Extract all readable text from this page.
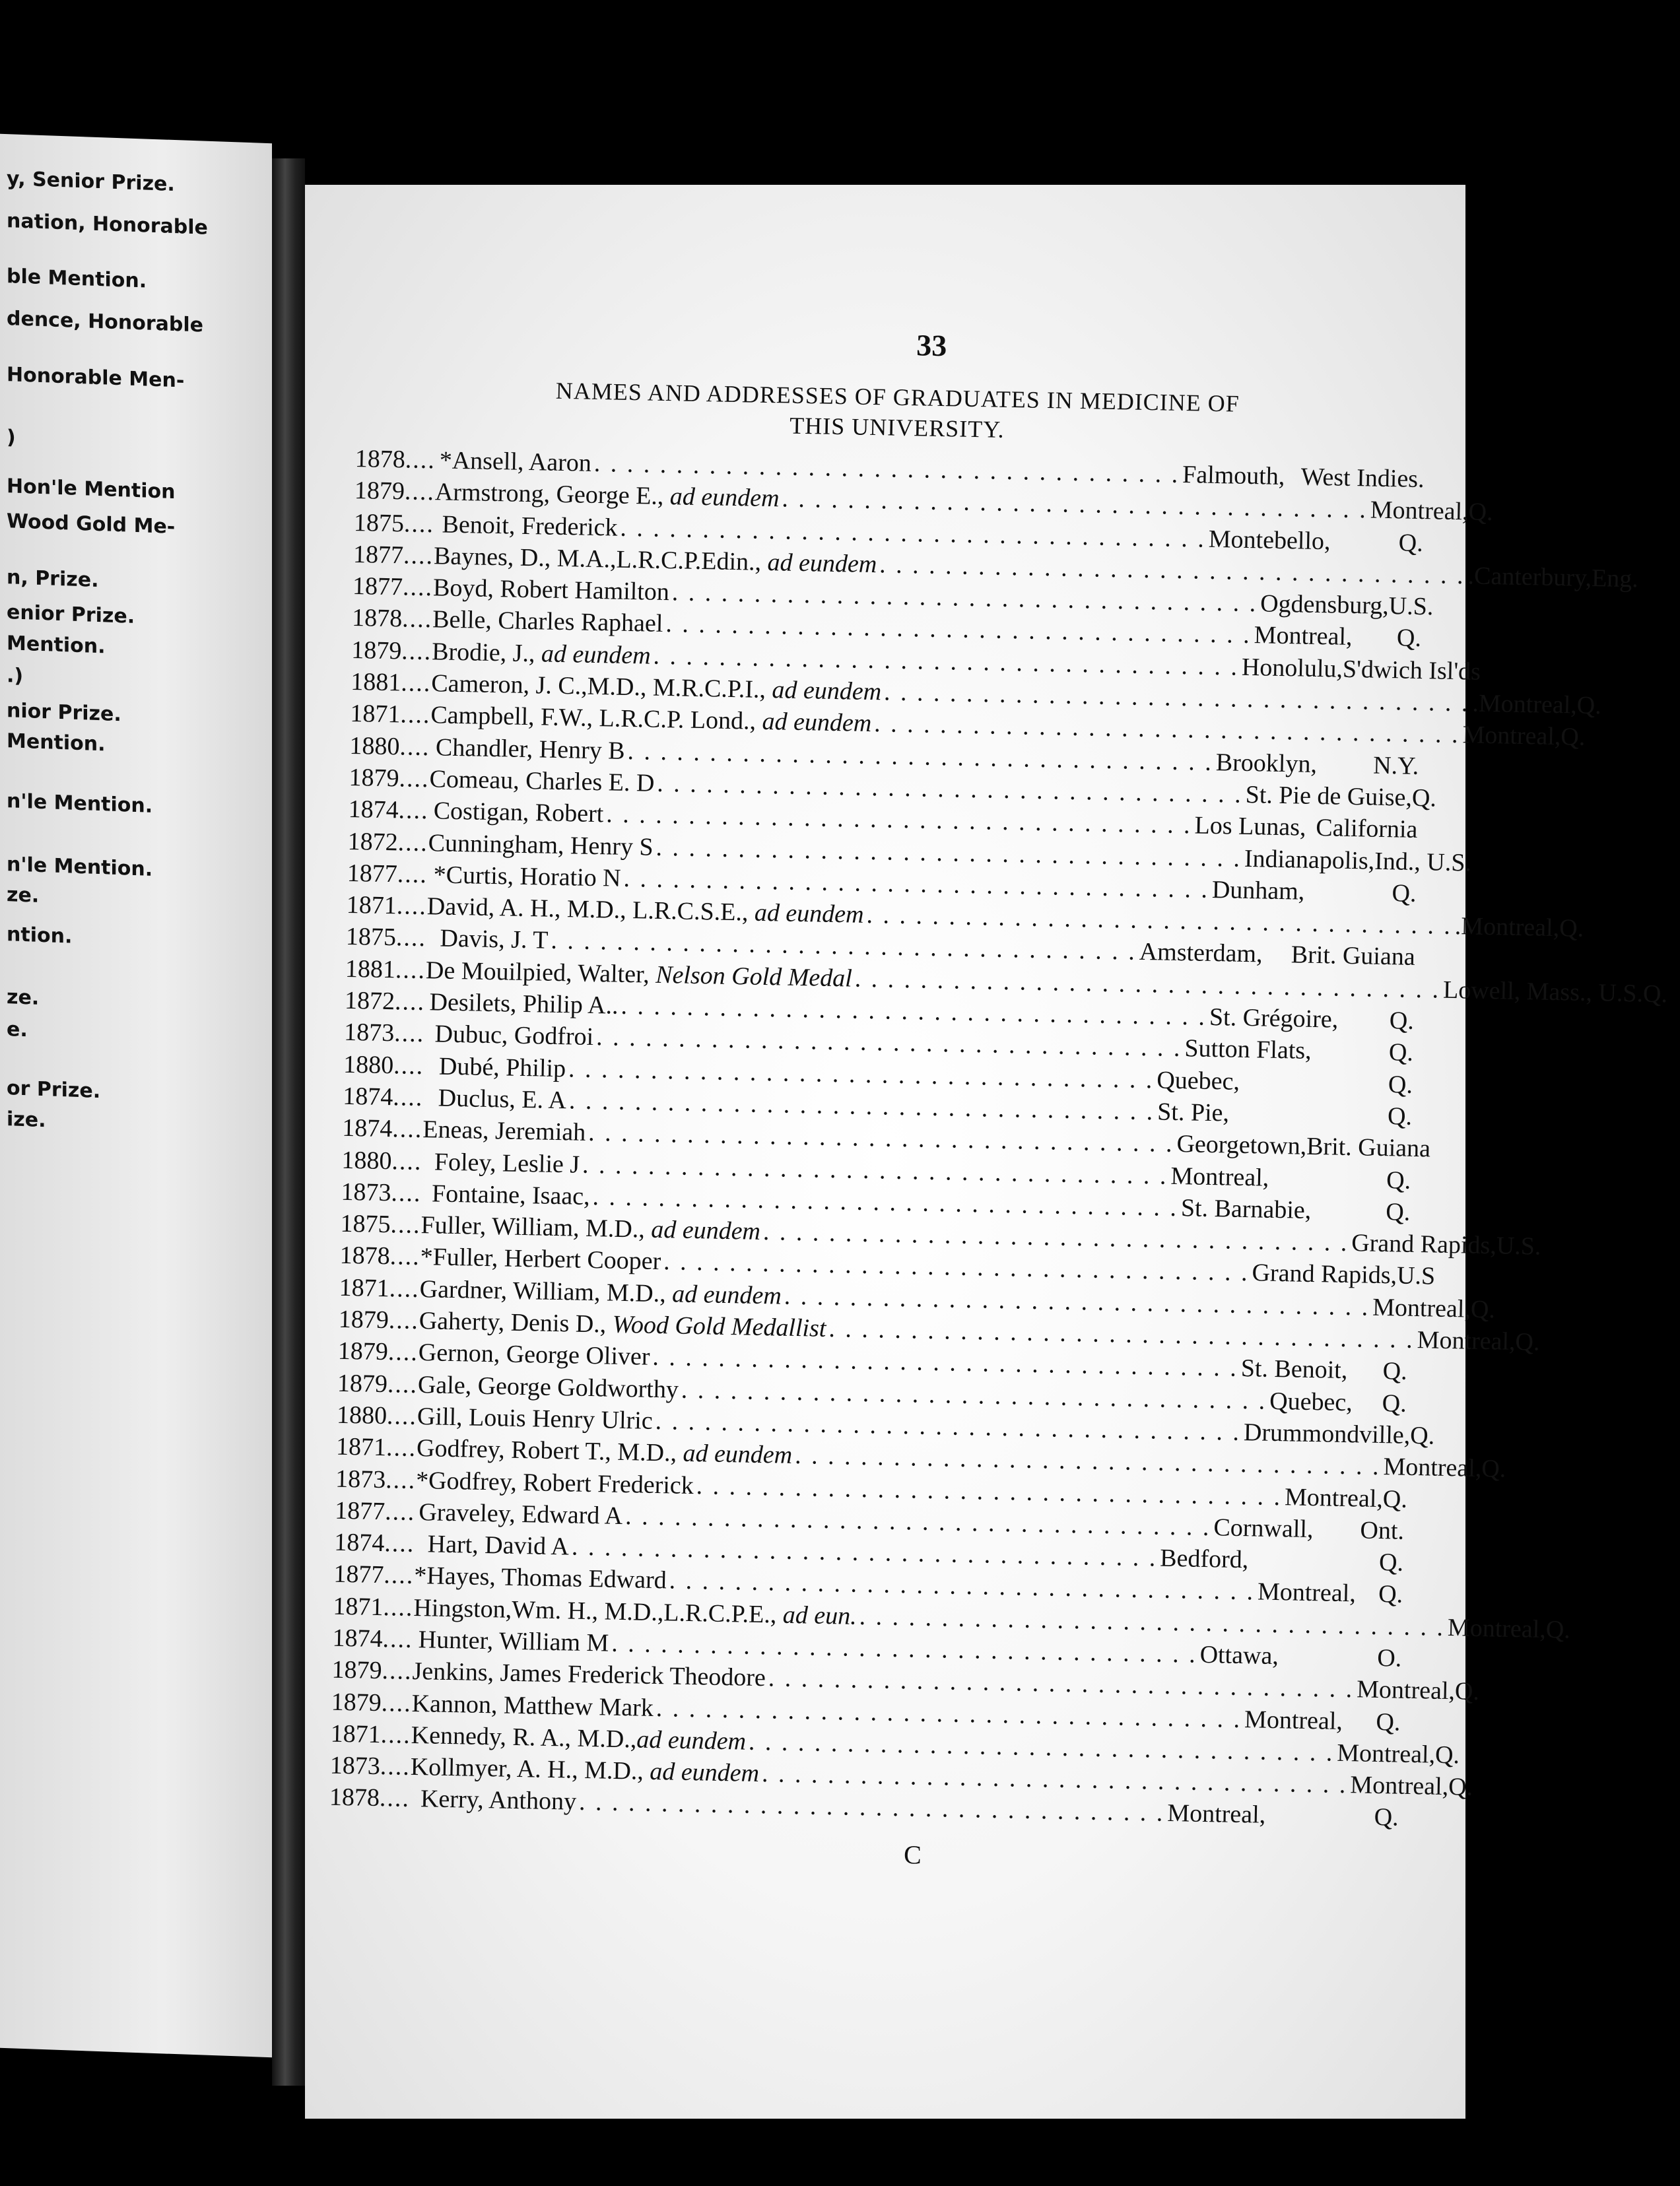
y, Senior Prize.
nation, Honorable
ble Mention.
dence, Honorable
Honorable Men-
)
Hon'le Mention
Wood Gold Me-
n, Prize.
enior Prize.
Mention.
.)
nior Prize.
Mention.
n'le Mention.
n'le Mention.
ze.
ntion.
ze.
e.
or Prize.
ize.
33
NAMES AND ADDRESSES OF GRADUATES IN MEDICINE OF
THIS UNIVERSITY.
1878 .... *Ansell, Aaron . . . . . . . . . . . . . . . . . . . . . . . . . . . . . . . . . . . . Falmouth, West Indies.
1879 .... Armstrong, George E., ad eundem . . . . . . . . . . . . . . . . . . . . . . . . . . . . . . . . . . . . Montreal, Q.
1875 .... Benoit, Frederick . . . . . . . . . . . . . . . . . . . . . . . . . . . . . . . . . . . . Montebello,	Q.
1877 .... Baynes, D., M.A.,L.R.C.P.Edin., ad eundem . . . . . . . . . . . . . . . . . . . . . . . . . . . . . . . . . . . . .Canterbury, Eng.
1877 .... Boyd, Robert Hamilton . . . . . . . . . . . . . . . . . . . . . . . . . . . . . . . . . . . . Ogdensburg, U.S.
1878 .... Belle, Charles Raphael . . . . . . . . . . . . . . . . . . . . . . . . . . . . . . . . . . . . Montreal,	Q.
1879 .... Brodie, J., ad eundem . . . . . . . . . . . . . . . . . . . . . . . . . . . . . . . . . . . . Honolulu, S'dwich Isl'ds
1881 .... Cameron, J. C.,M.D., M.R.C.P.I., ad eundem . . . . . . . . . . . . . . . . . . . . . . . . . . . . . . . . . . . . .Montreal, Q.
1871 .... Campbell, F.W., L.R.C.P. Lond., ad eundem . . . . . . . . . . . . . . . . . . . . . . . . . . . . . . . . . . . . Montreal, Q.
1880 .... Chandler, Henry B . . . . . . . . . . . . . . . . . . . . . . . . . . . . . . . . . . . . Brooklyn,	N.Y.
1879 .... Comeau, Charles E. D . . . . . . . . . . . . . . . . . . . . . . . . . . . . . . . . . . . . St. Pie de Guise, Q.
1874 .... Costigan, Robert . . . . . . . . . . . . . . . . . . . . . . . . . . . . . . . . . . . . Los Lunas, California
1872 .... Cunningham, Henry S . . . . . . . . . . . . . . . . . . . . . . . . . . . . . . . . . . . . Indianapolis, Ind., U.S.
1877 .... *Curtis, Horatio N . . . . . . . . . . . . . . . . . . . . . . . . . . . . . . . . . . . . Dunham,	Q.
1871 .... David, A. H., M.D., L.R.C.S.E., ad eundem . . . . . . . . . . . . . . . . . . . . . . . . . . . . . . . . . . . . .Montreal, Q.
1875 .... Davis, J. T . . . . . . . . . . . . . . . . . . . . . . . . . . . . . . . . . . . . Amsterdam,	Brit. Guiana
1881 .... De Mouilpied, Walter, Nelson Gold Medal . . . . . . . . . . . . . . . . . . . . . . . . . . . . . . . . . . . . Lowell, Mass., U.S. Q.
1872 .... Desilets, Philip A.. . . . . . . . . . . . . . . . . . . . . . . . . . . . . . . . . . . . . St. Grégoire,	Q.
1873 .... Dubuc, Godfroi . . . . . . . . . . . . . . . . . . . . . . . . . . . . . . . . . . . . Sutton Flats,	Q.
1880 .... Dubé, Philip . . . . . . . . . . . . . . . . . . . . . . . . . . . . . . . . . . . . Quebec,	Q.
1874 .... Duclus, E. A . . . . . . . . . . . . . . . . . . . . . . . . . . . . . . . . . . . . St. Pie,	Q.
1874 .... Eneas, Jeremiah . . . . . . . . . . . . . . . . . . . . . . . . . . . . . . . . . . . . Georgetown, Brit. Guiana
1880 .... Foley, Leslie J . . . . . . . . . . . . . . . . . . . . . . . . . . . . . . . . . . . . Montreal,	Q.
1873 .... Fontaine, Isaac, . . . . . . . . . . . . . . . . . . . . . . . . . . . . . . . . . . . . St. Barnabie,	Q.
1875 .... Fuller, William, M.D., ad eundem . . . . . . . . . . . . . . . . . . . . . . . . . . . . . . . . . . . . Grand Rapids, U.S.
1878 .... *Fuller, Herbert Cooper . . . . . . . . . . . . . . . . . . . . . . . . . . . . . . . . . . . . Grand Rapids, U.S
1871 .... Gardner, William, M.D., ad eundem . . . . . . . . . . . . . . . . . . . . . . . . . . . . . . . . . . . . Montreal, Q.
1879 .... Gaherty, Denis D., Wood Gold Medallist . . . . . . . . . . . . . . . . . . . . . . . . . . . . . . . . . . . . Montreal, Q.
1879 .... Gernon, George Oliver . . . . . . . . . . . . . . . . . . . . . . . . . . . . . . . . . . . . St. Benoit,	Q.
1879 .... Gale, George Goldworthy . . . . . . . . . . . . . . . . . . . . . . . . . . . . . . . . . . . . Quebec,	Q.
1880 .... Gill, Louis Henry Ulric . . . . . . . . . . . . . . . . . . . . . . . . . . . . . . . . . . . . Drummondville, Q.
1871 .... Godfrey, Robert T., M.D., ad eundem . . . . . . . . . . . . . . . . . . . . . . . . . . . . . . . . . . . . Montreal, Q.
1873 .... *Godfrey, Robert Frederick . . . . . . . . . . . . . . . . . . . . . . . . . . . . . . . . . . . . Montreal, Q.
1877 .... Graveley, Edward A . . . . . . . . . . . . . . . . . . . . . . . . . . . . . . . . . . . . Cornwall,	Ont.
1874 .... Hart, David A . . . . . . . . . . . . . . . . . . . . . . . . . . . . . . . . . . . . Bedford,	Q.
1877 .... *Hayes, Thomas Edward . . . . . . . . . . . . . . . . . . . . . . . . . . . . . . . . . . . . Montreal, Q.
1871 .... Hingston,Wm. H., M.D.,L.R.C.P.E., ad eun. . . . . . . . . . . . . . . . . . . . . . . . . . . . . . . . . . . . . Montreal, Q.
1874 .... Hunter, William M . . . . . . . . . . . . . . . . . . . . . . . . . . . . . . . . . . . . Ottawa,	O.
1879 .... Jenkins, James Frederick Theodore . . . . . . . . . . . . . . . . . . . . . . . . . . . . . . . . . . . . Montreal, Q.
1879 .... Kannon, Matthew Mark . . . . . . . . . . . . . . . . . . . . . . . . . . . . . . . . . . . . Montreal,	Q.
1871 .... Kennedy, R. A., M.D.,ad eundem . . . . . . . . . . . . . . . . . . . . . . . . . . . . . . . . . . . . Montreal, Q.
1873 .... Kollmyer, A. H., M.D., ad eundem . . . . . . . . . . . . . . . . . . . . . . . . . . . . . . . . . . . . Montreal, Q.
1878 .... Kerry, Anthony . . . . . . . . . . . . . . . . . . . . . . . . . . . . . . . . . . . . Montreal,	Q.
C
